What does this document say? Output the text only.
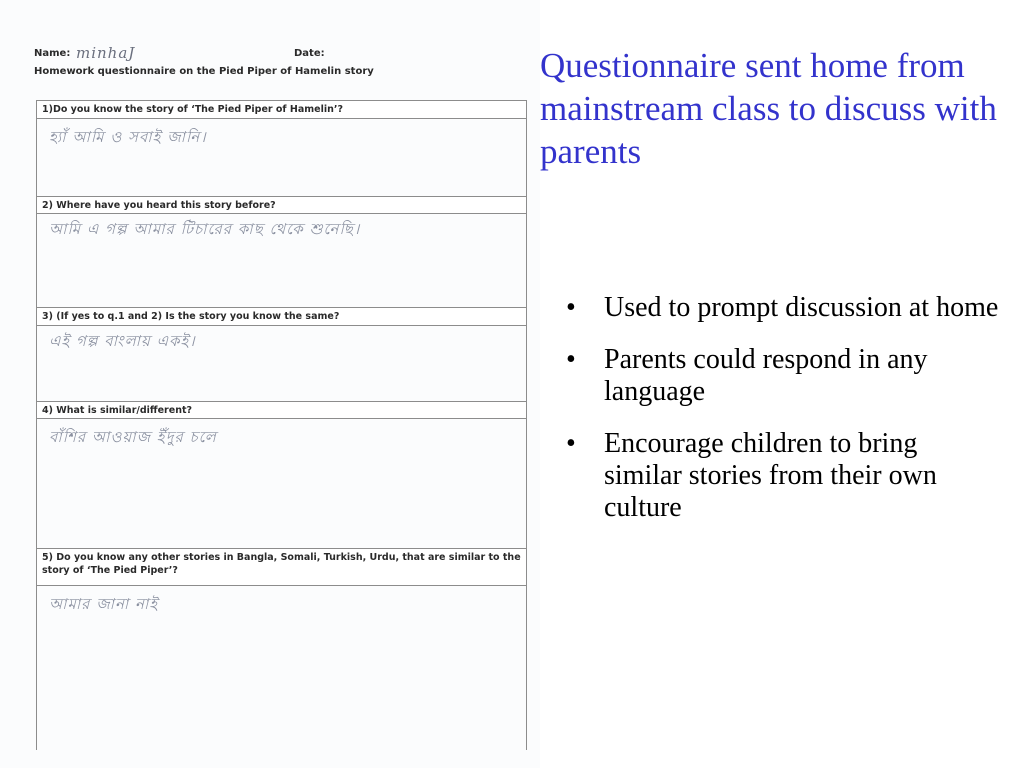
Name: minhaJ	Date:
Homework questionnaire on the Pied Piper of Hamelin story
1)Do you know the story of ‘The Pied Piper of Hamelin’?
হ্যাঁ আমি ও সবাই জানি।
2) Where have you heard this story before?
আমি এ গল্প আমার টিচারের কাছ থেকে শুনেছি।
3) (If yes to q.1 and 2) Is the story you know the same?
এই গল্প বাংলায় একই।
4) What is similar/different?
বাঁশির আওয়াজ ইঁদুর চলে
5) Do you know any other stories in Bangla, Somali, Turkish, Urdu, that are similar to the story of ‘The Pied Piper’?
আমার জানা নাই
Questionnaire sent home from mainstream class to discuss with parents
• Used to prompt discussion at home
• Parents could respond in any language
• Encourage children to bring similar stories from their own culture
